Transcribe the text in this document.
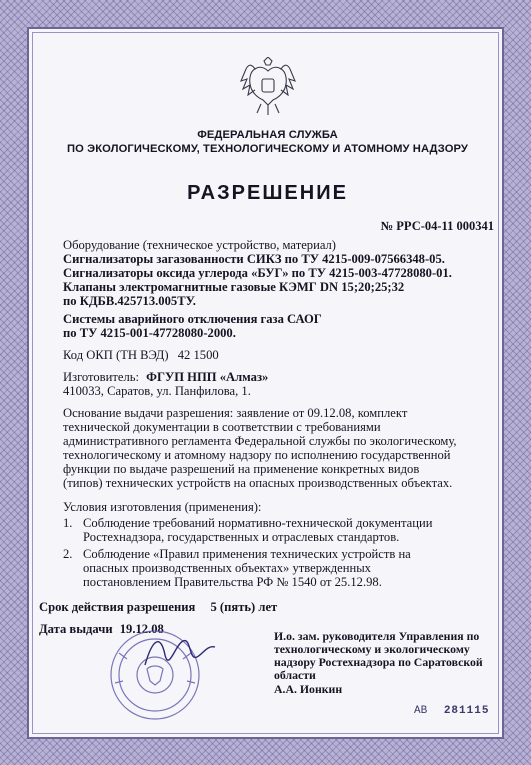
ФЕДЕРАЛЬНАЯ СЛУЖБА
ПО ЭКОЛОГИЧЕСКОМУ, ТЕХНОЛОГИЧЕСКОМУ И АТОМНОМУ НАДЗОРУ
РАЗРЕШЕНИЕ
№ РРС-04-11 000341
Оборудование (техническое устройство, материал)
Сигнализаторы загазованности СИКЗ по ТУ 4215-009-07566348-05.
Сигнализаторы оксида углерода «БУГ» по ТУ 4215-003-47728080-01.
Клапаны электромагнитные газовые КЭМГ DN 15;20;25;32
по КДБВ.425713.005ТУ.
Системы аварийного отключения газа САОГ
по ТУ 4215-001-47728080-2000.
Код ОКП (ТН ВЭД) 42 1500
Изготовитель: ФГУП НПП «Алмаз»
410033, Саратов, ул. Панфилова, 1.
Основание выдачи разрешения: заявление от 09.12.08, комплект
технической документации в соответствии с требованиями
административного регламента Федеральной службы по экологическому,
технологическому и атомному надзору по исполнению государственной
функции по выдаче разрешений на применение конкретных видов
(типов) технических устройств на опасных производственных объектах.
Условия изготовления (применения):
1. Соблюдение требований нормативно-технической документации
Ростехнадзора, государственных и отраслевых стандартов.
2. Соблюдение «Правил применения технических устройств на
опасных производственных объектах» утвержденных
постановлением Правительства РФ № 1540 от 25.12.98.
Срок действия разрешения 5 (пять) лет
Дата выдачи 19.12.08	И.о. зам. руководителя Управления по
технологическому и экологическому
надзору Ростехнадзора по Саратовской
области
А.А. Ионкин
АВ 281115
